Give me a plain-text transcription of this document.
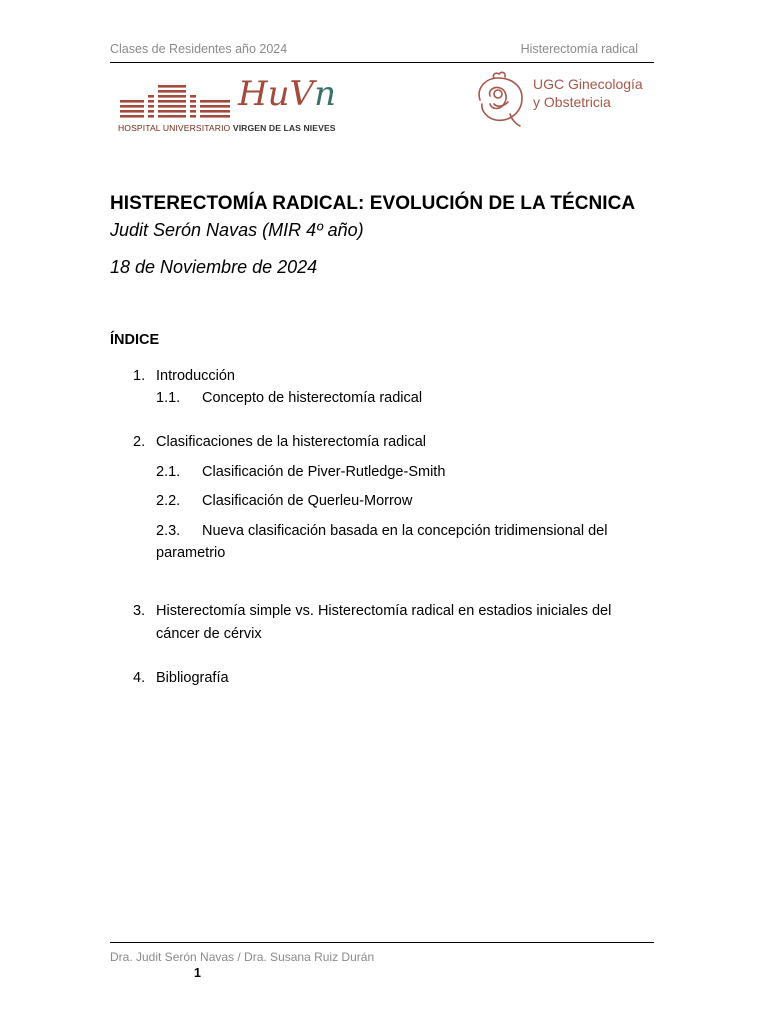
Clases de Residentes año 2024	Histerectomía radical
HuVn
HOSPITAL UNIVERSITARIO VIRGEN DE LAS NIEVES
UGC Ginecología
y Obstetricia
HISTERECTOMÍA RADICAL: EVOLUCIÓN DE LA TÉCNICA
Judit Serón Navas (MIR 4º año)
18 de Noviembre de 2024
ÍNDICE
1. Introducción
1.1. Concepto de histerectomía radical
2. Clasificaciones de la histerectomía radical
2.1. Clasificación de Piver-Rutledge-Smith
2.2. Clasificación de Querleu-Morrow
2.3. Nueva clasificación basada en la concepción tridimensional del
parametrio
3. Histerectomía simple vs. Histerectomía radical en estadios iniciales del
cáncer de cérvix
4. Bibliografía
Dra. Judit Serón Navas / Dra. Susana Ruiz Durán
1
